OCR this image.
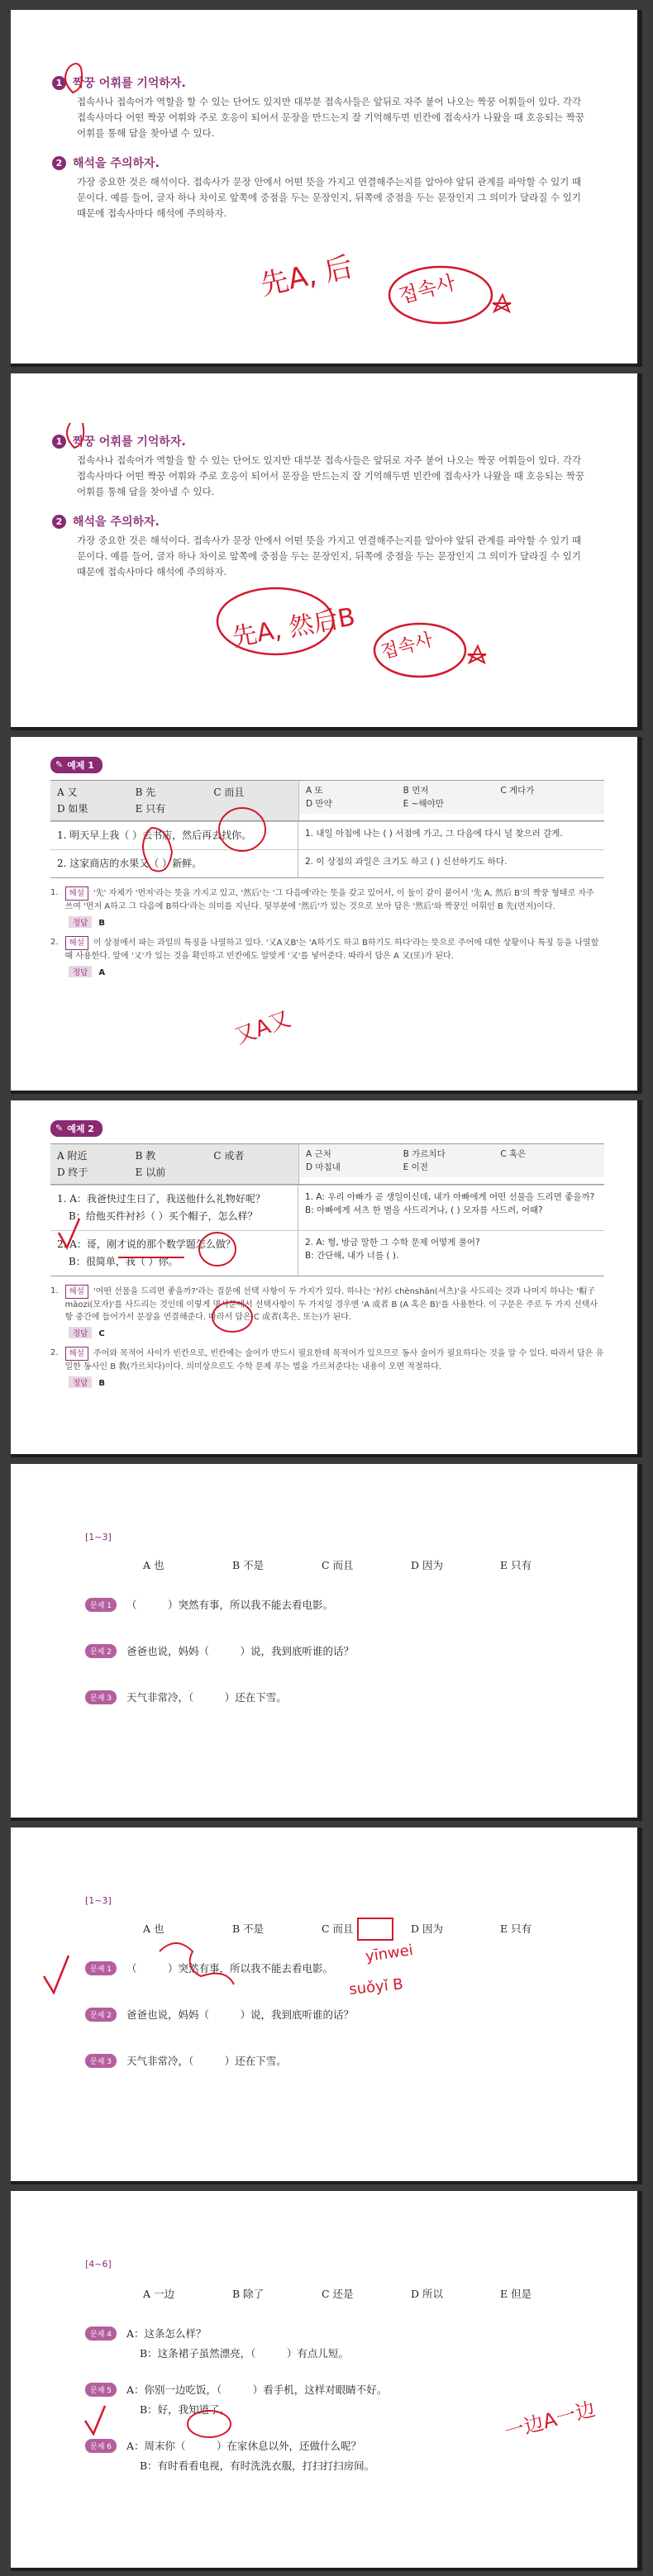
1 짝꿍 어휘를 기억하자.
접속사나 접속어가 역할을 할 수 있는 단어도 있지만 대부분 접속사들은 앞뒤로 자주 붙어 나오는 짝꿍 어휘들이 있다. 각각 접속사마다 어떤 짝꿍 어휘와 주로 호응이 되어서 문장을 만드는지 잘 기억해두면 빈칸에 접속사가 나왔을 때 호응되는 짝꿍 어휘를 통해 답을 찾아낼 수 있다.
2 해석을 주의하자.
가장 중요한 것은 해석이다. 접속사가 문장 안에서 어떤 뜻을 가지고 연결해주는지를 알아야 앞뒤 관계를 파악할 수 있기 때문이다. 예를 들어, 글자 하나 차이로 앞쪽에 중점을 두는 문장인지, 뒤쪽에 중점을 두는 문장인지 그 의미가 달라질 수 있기 때문에 접속사마다 해석에 주의하자.
先A, 后 접속사
1 짝꿍 어휘를 기억하자.
접속사나 접속어가 역할을 할 수 있는 단어도 있지만 대부분 접속사들은 앞뒤로 자주 붙어 나오는 짝꿍 어휘들이 있다. 각각 접속사마다 어떤 짝꿍 어휘와 주로 호응이 되어서 문장을 만드는지 잘 기억해두면 빈칸에 접속사가 나왔을 때 호응되는 짝꿍 어휘를 통해 답을 찾아낼 수 있다.
2 해석을 주의하자.
가장 중요한 것은 해석이다. 접속사가 문장 안에서 어떤 뜻을 가지고 연결해주는지를 알아야 앞뒤 관계를 파악할 수 있기 때문이다. 예를 들어, 글자 하나 차이로 앞쪽에 중점을 두는 문장인지, 뒤쪽에 중점을 두는 문장인지 그 의미가 달라질 수 있기 때문에 접속사마다 해석에 주의하자.
先A, 然后B 접속사
✎ 예제 1
A 又	B 先	C 而且
D 如果	E 只有
A 또	B 먼저	C 게다가
D 만약	E ~해야만
1. 明天早上我（ ）去书店，然后再去找你。	1. 내일 아침에 나는 ( ) 서점에 가고, 그 다음에 다시 널 찾으러 갈게.
2. 这家商店的水果又（ ）新鲜。	2. 이 상점의 과일은 크기도 하고 ( ) 신선하기도 하다.
1.	해설 '先' 자체가 '먼저'라는 뜻을 가지고 있고, '然后'는 '그 다음에'라는 뜻을 갖고 있어서, 이 둘이 같이 붙어서 '先 A, 然后 B'의 짝꿍 형태로 자주 쓰여 '먼저 A하고 그 다음에 B하다'라는 의미를 지닌다. 뒷부분에 '然后'가 있는 것으로 보아 답은 '然后'와 짝꿍인 어휘인 B 先(먼저)이다.
정답 B
2.	해설 이 상점에서 파는 과일의 특징을 나열하고 있다. '又A又B'는 'A하기도 하고 B하기도 하다'라는 뜻으로 주어에 대한 상황이나 특징 등을 나열할 때 사용한다. 앞에 '又'가 있는 것을 확인하고 빈칸에도 알맞게 '又'를 넣어준다. 따라서 답은 A 又(또)가 된다.
정답 A
又A又
✎ 예제 2
A 附近	B 教	C 或者
D 终于	E 以前
A 근처	B 가르치다	C 혹은
D 마침내	E 이전
1. A：我爸快过生日了，我送他什么礼物好呢？
B：给他买件衬衫（ ）买个帽子，怎么样？
1. A: 우리 아빠가 곧 생일이신데, 내가 아빠에게 어떤 선물을 드리면 좋을까?
B: 아빠에게 셔츠 한 벌을 사드리거나, ( ) 모자를 사드려, 어때?
2. A：哥，刚才说的那个数学题怎么做？
B：很简单，我（ ）你。
2. A: 형, 방금 말한 그 수학 문제 어떻게 풀어?
B: 간단해, 내가 너를 ( ).
1.	해설 '어떤 선물을 드리면 좋을까?'라는 질문에 선택 사항이 두 가지가 있다. 하나는 '衬衫 chènshān(셔츠)'을 사드리는 것과 나머지 하나는 '帽子 màozi(모자)'를 사드리는 것인데 이렇게 명사문에서 선택사항이 두 가지일 경우엔 'A 或者 B (A 혹은 B)'를 사용한다. 이 구문은 주로 두 가지 선택사항 중간에 들어가서 문장을 연결해준다. 따라서 답은 C 或者(혹은, 또는)가 된다.
정답 C
2.	해설 주어와 목적어 사이가 빈칸으로, 빈칸에는 술어가 반드시 필요한데 목적어가 있으므로 동사 술어가 필요하다는 것을 알 수 있다. 따라서 답은 유일한 동사인 B 教(가르치다)이다. 의미상으로도 수학 문제 푸는 법을 가르쳐준다는 내용이 오면 적절하다.
정답 B
[1~3]
A 也	B 不是	C 而且	D 因为	E 只有
문제 1	（　　　）突然有事，所以我不能去看电影。
문제 2	爸爸也说，妈妈（　　　）说，我到底听谁的话？
문제 3	天气非常冷，（　　　）还在下雪。
[1~3]
A 也	B 不是	C 而且	D 因为	E 只有
문제 1	（　　　）突然有事，所以我不能去看电影。
문제 2	爸爸也说，妈妈（　　　）说，我到底听谁的话？
문제 3	天气非常冷，（　　　）还在下雪。
yīnwei
suǒyǐ B
[4~6]
A 一边	B 除了	C 还是	D 所以	E 但是
문제 4	A：这条怎么样？
B：这条裙子虽然漂亮，（　　　）有点儿短。
문제 5	A：你别一边吃饭，（　　　）看手机，这样对眼睛不好。
B：好，我知道了。
문제 6	A：周末你（　　　）在家休息以外，还做什么呢？
B：有时看看电视，有时洗洗衣服，打扫打扫房间。
一边A一边
